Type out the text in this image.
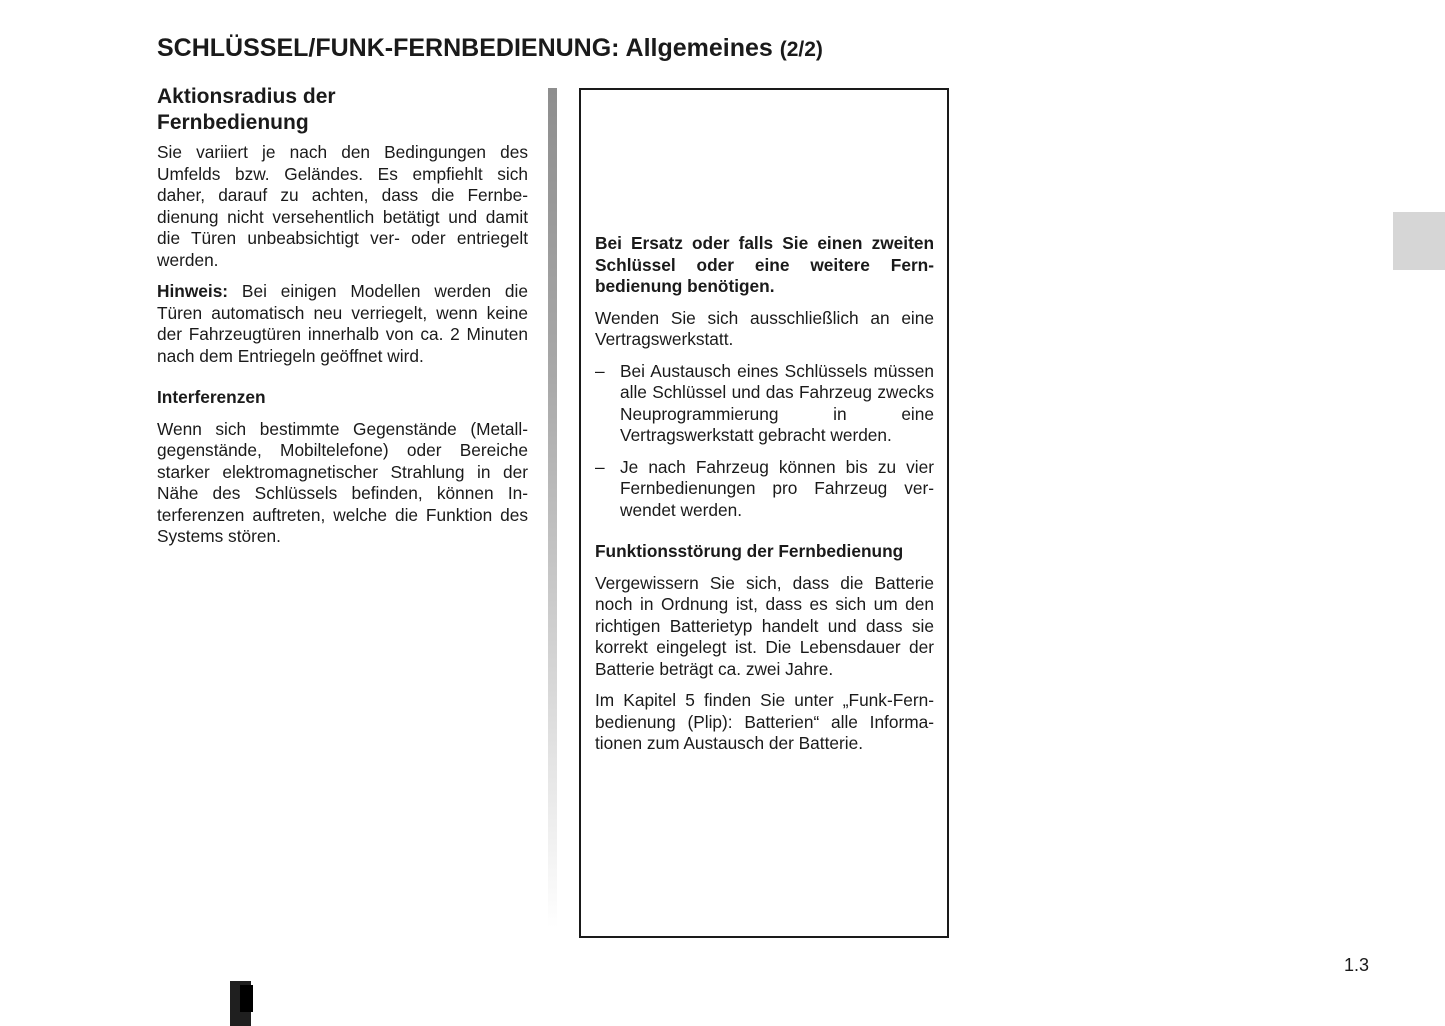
SCHLÜSSEL/FUNK-FERNBEDIENUNG: Allgemeines (2/2)
Aktionsradius der
Fernbedienung

Sie variiert je nach den Bedingungen des Umfelds bzw. Geländes. Es empfiehlt sich daher, darauf zu achten, dass die Fernbedienung nicht versehentlich betätigt und damit die Türen unbeabsichtigt ver- oder entriegelt werden.

Hinweis: Bei einigen Modellen werden die Türen automatisch neu verriegelt, wenn keine der Fahrzeugtüren innerhalb von ca. 2 Minuten nach dem Entriegeln geöffnet wird.

Interferenzen

Wenn sich bestimmte Gegenstände (Metallgegenstände, Mobiltelefone) oder Bereiche starker elektromagnetischer Strahlung in der Nähe des Schlüssels befinden, können Interferenzen auftreten, welche die Funktion des Systems stören.

Bei Ersatz oder falls Sie einen zweiten Schlüssel oder eine weitere Fernbedienung benötigen.

Wenden Sie sich ausschließlich an eine Vertragswerkstatt.

– Bei Austausch eines Schlüssels müssen alle Schlüssel und das Fahrzeug zwecks Neuprogrammierung in eine Vertragswerkstatt gebracht werden.
– Je nach Fahrzeug können bis zu vier Fernbedienungen pro Fahrzeug verwendet werden.
Funktionsstörung der Fernbedienung

Vergewissern Sie sich, dass die Batterie noch in Ordnung ist, dass es sich um den richtigen Batterietyp handelt und dass sie korrekt eingelegt ist. Die Lebensdauer der Batterie beträgt ca. zwei Jahre.

Im Kapitel 5 finden Sie unter „Funk-Fernbedienung (Plip): Batterien“ alle Informationen zum Austausch der Batterie.

1.3
